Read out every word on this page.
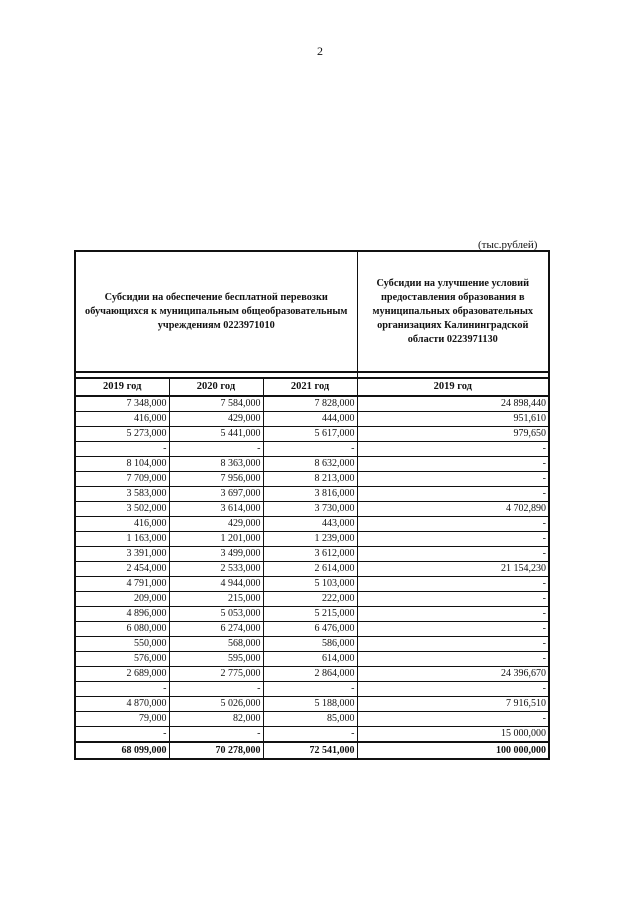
2
(тыс.рублей)
Субсидии на обеспечение бесплатной перевозки обучающихся к муниципальным общеобразовательным учреждениям 0223971010			Субсидии на улучшение условий предоставления образования в муниципальных образовательных организациях Калининградской области 0223971130

2019 год	2020 год	2021 год	2019 год
7 348,000	7 584,000	7 828,000	24 898,440
416,000	429,000	444,000	951,610
5 273,000	5 441,000	5 617,000	979,650
-	-	-	-
8 104,000	8 363,000	8 632,000	-
7 709,000	7 956,000	8 213,000	-
3 583,000	3 697,000	3 816,000	-
3 502,000	3 614,000	3 730,000	4 702,890
416,000	429,000	443,000	-
1 163,000	1 201,000	1 239,000	-
3 391,000	3 499,000	3 612,000	-
2 454,000	2 533,000	2 614,000	21 154,230
4 791,000	4 944,000	5 103,000	-
209,000	215,000	222,000	-
4 896,000	5 053,000	5 215,000	-
6 080,000	6 274,000	6 476,000	-
550,000	568,000	586,000	-
576,000	595,000	614,000	-
2 689,000	2 775,000	2 864,000	24 396,670
-	-	-	-
4 870,000	5 026,000	5 188,000	7 916,510
79,000	82,000	85,000	-
-	-	-	15 000,000
68 099,000	70 278,000	72 541,000	100 000,000
